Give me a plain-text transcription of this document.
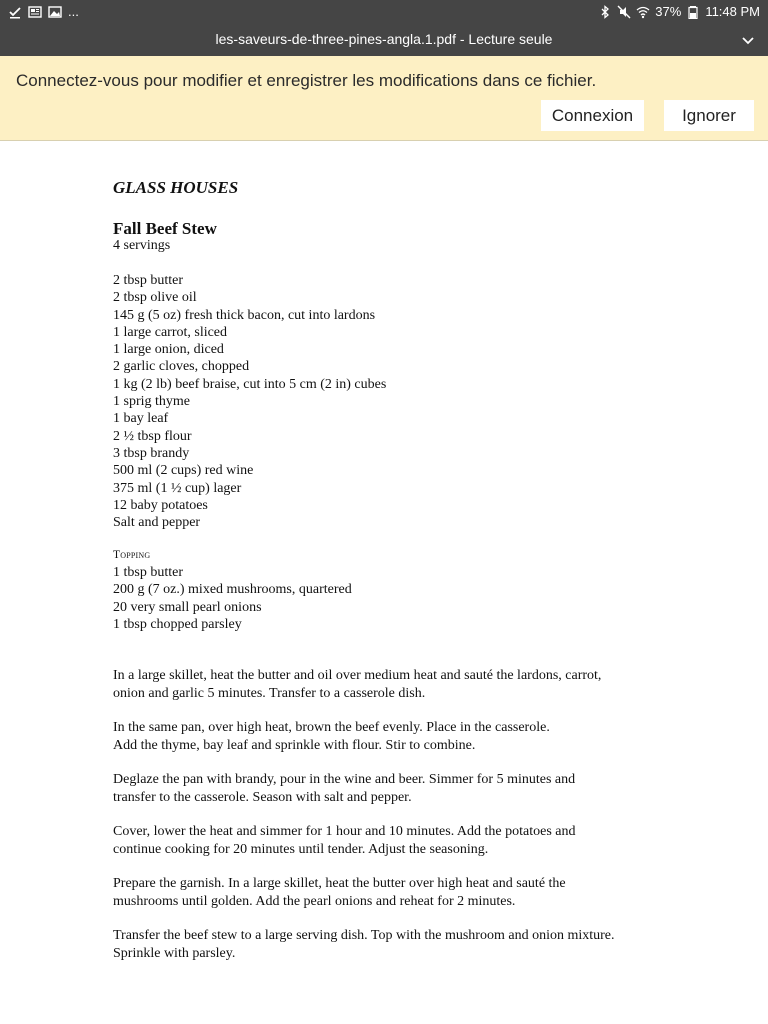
...	37% 11:48 PM
les-saveurs-de-three-pines-angla.1.pdf - Lecture seule
Connectez-vous pour modifier et enregistrer les modifications dans ce fichier.
Connexion	Ignorer
GLASS HOUSES
Fall Beef Stew
4 servings
2 tbsp butter
2 tbsp olive oil
145 g (5 oz) fresh thick bacon, cut into lardons
1 large carrot, sliced
1 large onion, diced
2 garlic cloves, chopped
1 kg (2 lb) beef braise, cut into 5 cm (2 in) cubes
1 sprig thyme
1 bay leaf
2 ½ tbsp flour
3 tbsp brandy
500 ml (2 cups) red wine
375 ml (1 ½ cup) lager
12 baby potatoes
Salt and pepper
Topping
1 tbsp butter
200 g (7 oz.) mixed mushrooms, quartered
20 very small pearl onions
1 tbsp chopped parsley

In a large skillet, heat the butter and oil over medium heat and sauté the lardons, carrot,
onion and garlic 5 minutes. Transfer to a casserole dish.

In the same pan, over high heat, brown the beef evenly. Place in the casserole.
Add the thyme, bay leaf and sprinkle with flour. Stir to combine.

Deglaze the pan with brandy, pour in the wine and beer. Simmer for 5 minutes and
transfer to the casserole. Season with salt and pepper.

Cover, lower the heat and simmer for 1 hour and 10 minutes. Add the potatoes and
continue cooking for 20 minutes until tender. Adjust the seasoning.

Prepare the garnish. In a large skillet, heat the butter over high heat and sauté the
mushrooms until golden. Add the pearl onions and reheat for 2 minutes.

Transfer the beef stew to a large serving dish. Top with the mushroom and onion mixture.
Sprinkle with parsley.
